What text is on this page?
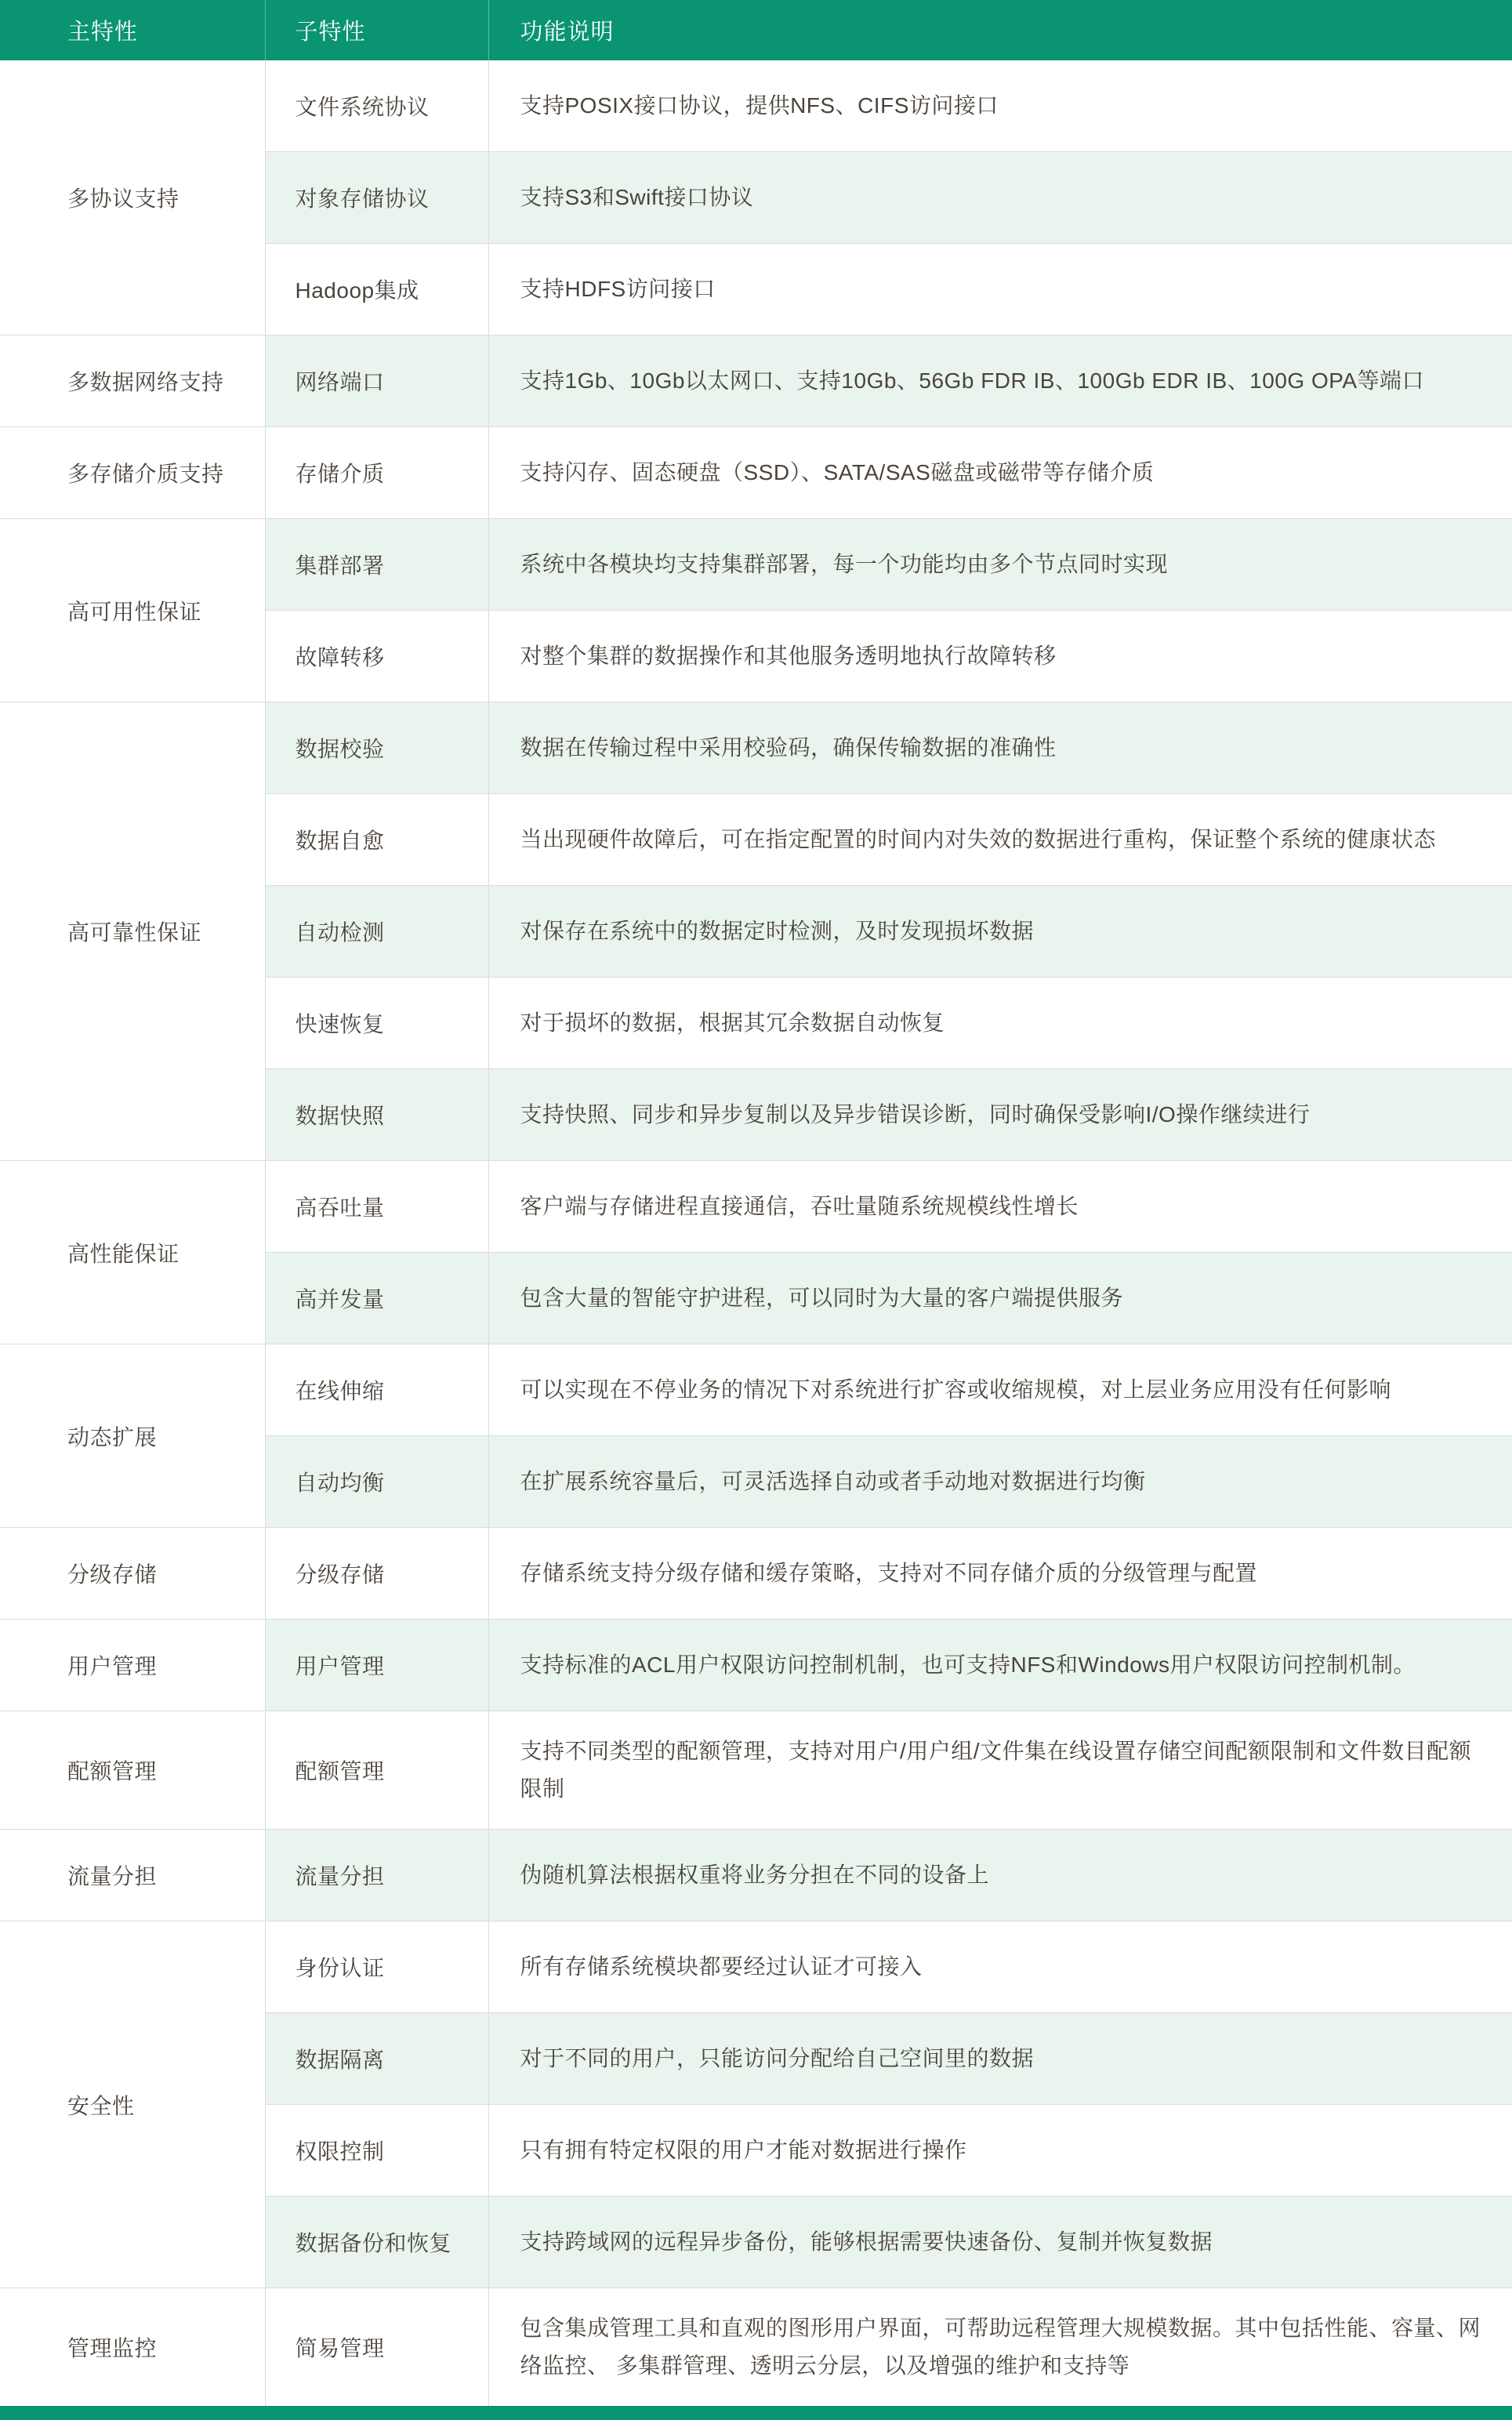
主特性	子特性	功能说明
多协议支持	文件系统协议	支持POSIX接口协议，提供NFS、CIFS访问接口
	对象存储协议	支持S3和Swift接口协议
	Hadoop集成	支持HDFS访问接口
多数据网络支持	网络端口	支持1Gb、10Gb以太网口、支持10Gb、56Gb FDR IB、100Gb EDR IB、100G OPA等端口
多存储介质支持	存储介质	支持闪存、固态硬盘（SSD）、SATA/SAS磁盘或磁带等存储介质
高可用性保证	集群部署	系统中各模块均支持集群部署，每一个功能均由多个节点同时实现
	故障转移	对整个集群的数据操作和其他服务透明地执行故障转移
高可靠性保证	数据校验	数据在传输过程中采用校验码，确保传输数据的准确性
	数据自愈	当出现硬件故障后，可在指定配置的时间内对失效的数据进行重构，保证整个系统的健康状态
	自动检测	对保存在系统中的数据定时检测，及时发现损坏数据
	快速恢复	对于损坏的数据，根据其冗余数据自动恢复
	数据快照	支持快照、同步和异步复制以及异步错误诊断，同时确保受影响I/O操作继续进行
高性能保证	高吞吐量	客户端与存储进程直接通信，吞吐量随系统规模线性增长
	高并发量	包含大量的智能守护进程，可以同时为大量的客户端提供服务
动态扩展	在线伸缩	可以实现在不停业务的情况下对系统进行扩容或收缩规模，对上层业务应用没有任何影响
	自动均衡	在扩展系统容量后，可灵活选择自动或者手动地对数据进行均衡
分级存储	分级存储	存储系统支持分级存储和缓存策略，支持对不同存储介质的分级管理与配置
用户管理	用户管理	支持标准的ACL用户权限访问控制机制，也可支持NFS和Windows用户权限访问控制机制。
配额管理	配额管理	支持不同类型的配额管理，支持对用户/用户组/文件集在线设置存储空间配额限制和文件数目配额限制
流量分担	流量分担	伪随机算法根据权重将业务分担在不同的设备上
安全性	身份认证	所有存储系统模块都要经过认证才可接入
	数据隔离	对于不同的用户，只能访问分配给自己空间里的数据
	权限控制	只有拥有特定权限的用户才能对数据进行操作
	数据备份和恢复	支持跨域网的远程异步备份，能够根据需要快速备份、复制并恢复数据
管理监控	简易管理	包含集成管理工具和直观的图形用户界面，可帮助远程管理大规模数据。其中包括性能、容量、网络监控、 多集群管理、透明云分层，以及增强的维护和支持等
